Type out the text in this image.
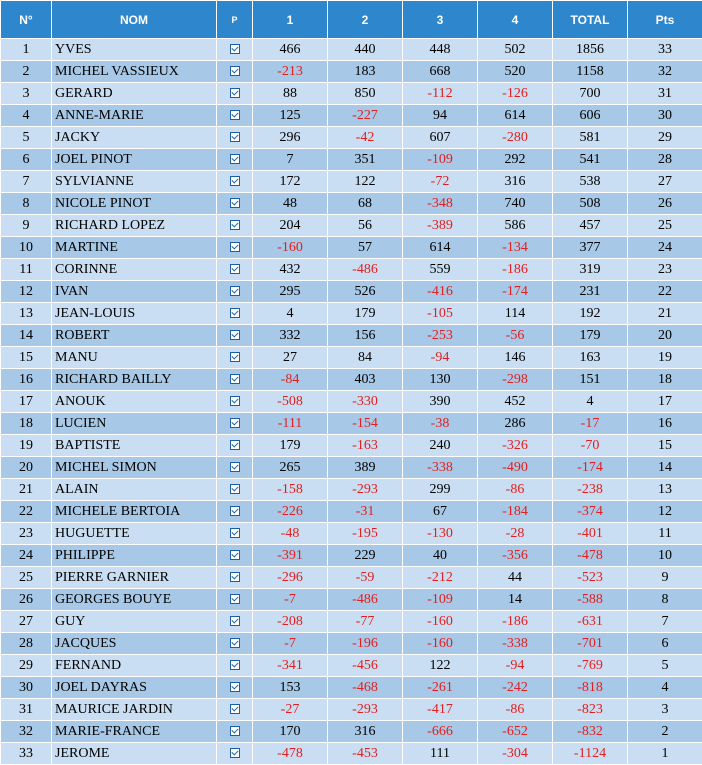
N°	NOM	P	1	2	3	4	TOTAL	Pts
1	YVES		466	440	448	502	1856	33
2	MICHEL VASSIEUX		-213	183	668	520	1158	32
3	GERARD		88	850	-112	-126	700	31
4	ANNE-MARIE		125	-227	94	614	606	30
5	JACKY		296	-42	607	-280	581	29
6	JOEL PINOT		7	351	-109	292	541	28
7	SYLVIANNE		172	122	-72	316	538	27
8	NICOLE PINOT		48	68	-348	740	508	26
9	RICHARD LOPEZ		204	56	-389	586	457	25
10	MARTINE		-160	57	614	-134	377	24
11	CORINNE		432	-486	559	-186	319	23
12	IVAN		295	526	-416	-174	231	22
13	JEAN-LOUIS		4	179	-105	114	192	21
14	ROBERT		332	156	-253	-56	179	20
15	MANU		27	84	-94	146	163	19
16	RICHARD BAILLY		-84	403	130	-298	151	18
17	ANOUK		-508	-330	390	452	4	17
18	LUCIEN		-111	-154	-38	286	-17	16
19	BAPTISTE		179	-163	240	-326	-70	15
20	MICHEL SIMON		265	389	-338	-490	-174	14
21	ALAIN		-158	-293	299	-86	-238	13
22	MICHELE BERTOIA		-226	-31	67	-184	-374	12
23	HUGUETTE		-48	-195	-130	-28	-401	11
24	PHILIPPE		-391	229	40	-356	-478	10
25	PIERRE GARNIER		-296	-59	-212	44	-523	9
26	GEORGES BOUYE		-7	-486	-109	14	-588	8
27	GUY		-208	-77	-160	-186	-631	7
28	JACQUES		-7	-196	-160	-338	-701	6
29	FERNAND		-341	-456	122	-94	-769	5
30	JOEL DAYRAS		153	-468	-261	-242	-818	4
31	MAURICE JARDIN		-27	-293	-417	-86	-823	3
32	MARIE-FRANCE		170	316	-666	-652	-832	2
33	JEROME		-478	-453	111	-304	-1124	1
